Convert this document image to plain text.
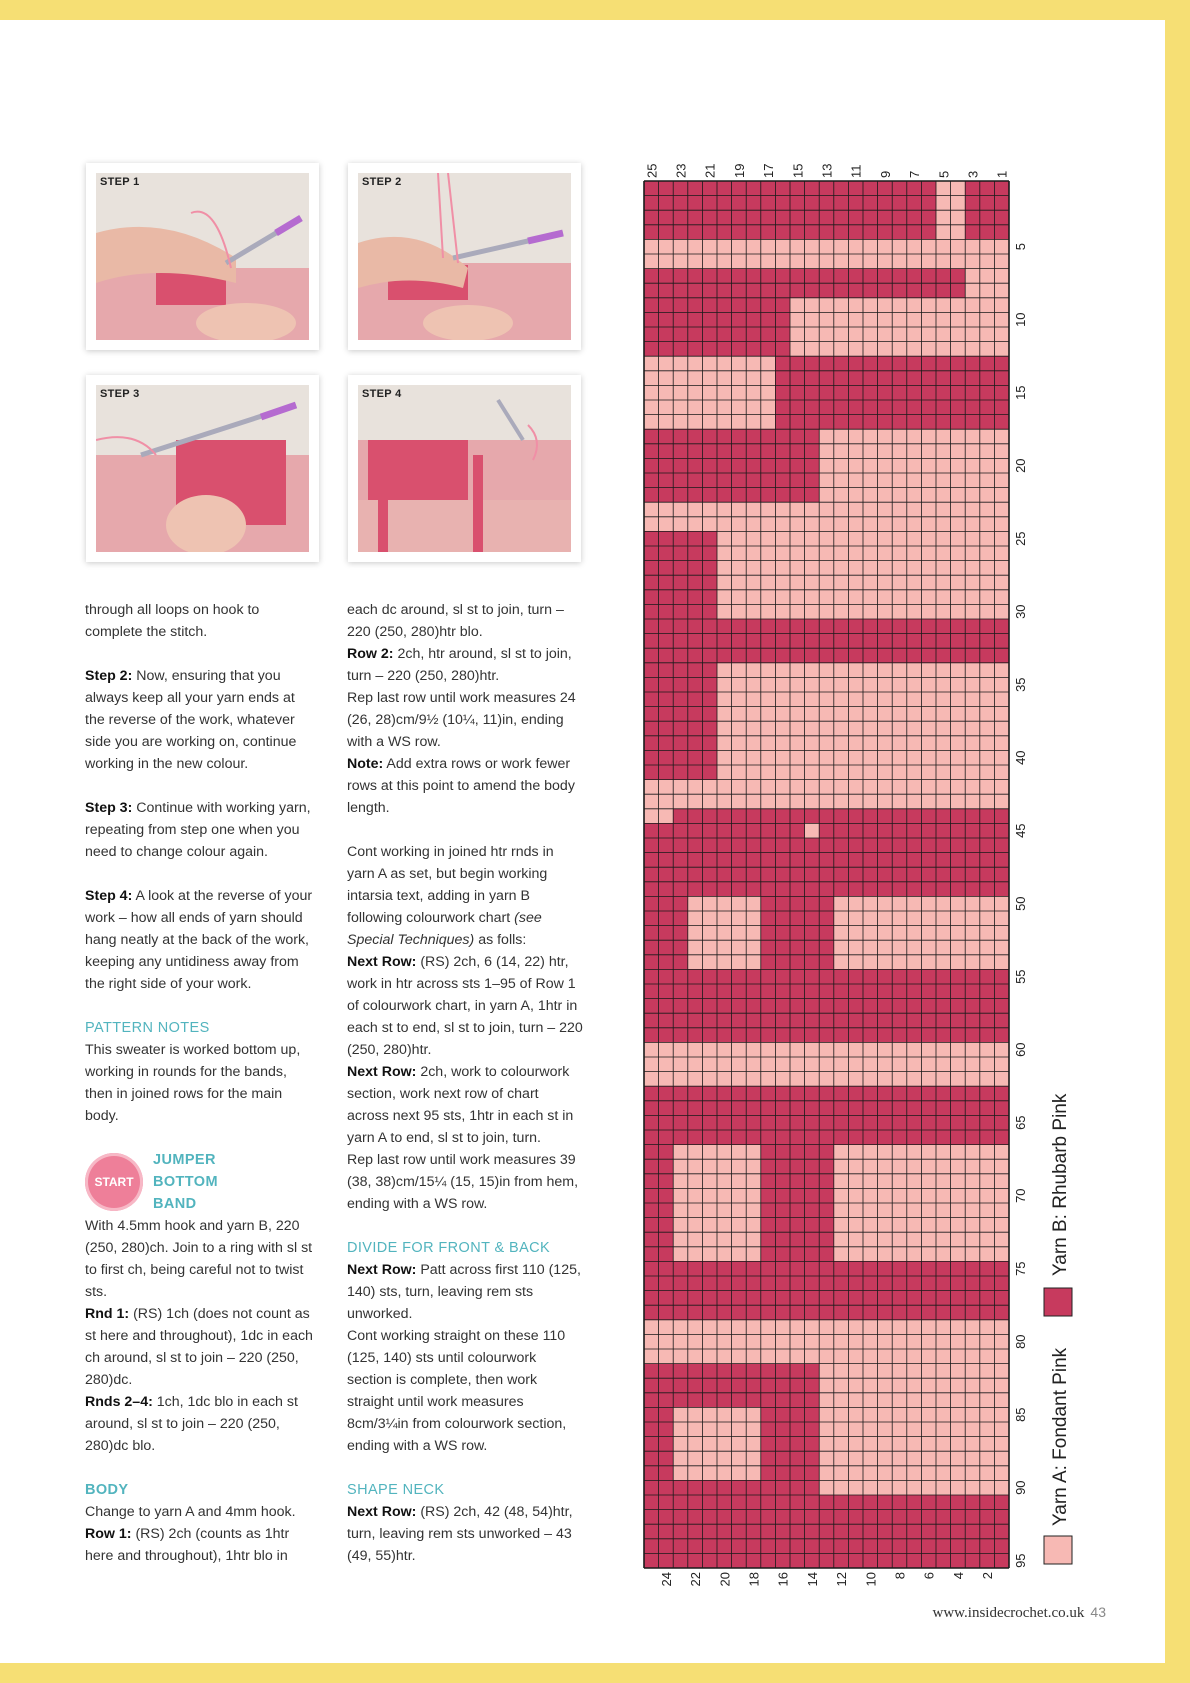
STEP 1	STEP 2
STEP 3	STEP 4

through all loops on hook to complete the stitch.

Step 2: Now, ensuring that you always keep all your yarn ends at the reverse of the work, whatever side you are working on, continue working in the new colour.

Step 3: Continue with working yarn, repeating from step one when you need to change colour again.

Step 4: A look at the reverse of your work – how all ends of yarn should hang neatly at the back of the work, keeping any untidiness away from the right side of your work.

PATTERN NOTES

This sweater is worked bottom up, working in rounds for the bands, then in joined rows for the main body.

START
JUMPER BOTTOM BAND
With 4.5mm hook and yarn B, 220 (250, 280)ch. Join to a ring with sl st to first ch, being careful not to twist sts.
Rnd 1: (RS) 1ch (does not count as st here and throughout), 1dc in each ch around, sl st to join – 220 (250, 280)dc.
Rnds 2–4: 1ch, 1dc blo in each st around, sl st to join – 220 (250, 280)dc blo.
BODY
Change to yarn A and 4mm hook.
Row 1: (RS) 2ch (counts as 1htr here and throughout), 1htr blo in
each dc around, sl st to join, turn – 220 (250, 280)htr blo.
Row 2: 2ch, htr around, sl st to join, turn – 220 (250, 280)htr.
Rep last row until work measures 24 (26, 28)cm/9½ (10¼, 11)in, ending with a WS row.

Note: Add extra rows or work fewer rows at this point to amend the body length.

Cont working in joined htr rnds in yarn A as set, but begin working intarsia text, adding in yarn B following colourwork chart (see Special Techniques) as folls:
Next Row: (RS) 2ch, 6 (14, 22) htr, work in htr across sts 1–95 of Row 1 of colourwork chart, in yarn A, 1htr in each st to end, sl st to join, turn – 220 (250, 280)htr.
Next Row: 2ch, work to colourwork section, work next row of chart across next 95 sts, 1htr in each st in yarn A to end, sl st to join, turn.

Rep last row until work measures 39 (38, 38)cm/15¼ (15, 15)in from hem, ending with a WS row.

DIVIDE FOR FRONT & BACK
Next Row: Patt across first 110 (125, 140) sts, turn, leaving rem sts unworked.

Cont working straight on these 110 (125, 140) sts until colourwork section is complete, then work straight until work measures 8cm/3¼in from colourwork section, ending with a WS row.

SHAPE NECK
Next Row: (RS) 2ch, 42 (48, 54)htr, turn, leaving rem sts unworked – 43 (49, 55)htr.
25 23 21 19 17 15 13 11 9 7 5 3 1
24 22 20 18 16 14 12 10 8 6 4 2
5
10
15
20
25
30
35
40
45
50
55
60
65
70
75
80
85
90
95
Yarn B: Rhubarb Pink
Yarn A: Fondant Pink
www.insidecrochet.co.uk 43
